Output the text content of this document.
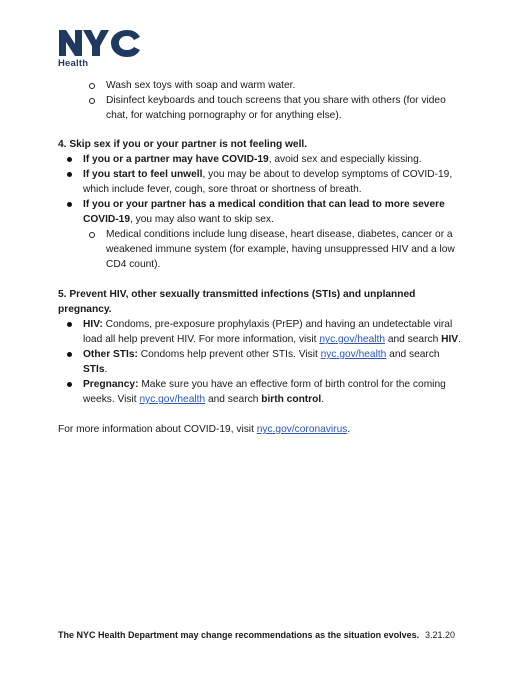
Health
Wash sex toys with soap and warm water.
Disinfect keyboards and touch screens that you share with others (for video chat, for watching pornography or for anything else).
4. Skip sex if you or your partner is not feeling well.
If you or a partner may have COVID-19, avoid sex and especially kissing.
If you start to feel unwell, you may be about to develop symptoms of COVID-19, which include fever, cough, sore throat or shortness of breath.
If you or your partner has a medical condition that can lead to more severe COVID-19, you may also want to skip sex.
Medical conditions include lung disease, heart disease, diabetes, cancer or a weakened immune system (for example, having unsuppressed HIV and a low CD4 count).
5. Prevent HIV, other sexually transmitted infections (STIs) and unplanned pregnancy.
HIV: Condoms, pre-exposure prophylaxis (PrEP) and having an undetectable viral load all help prevent HIV. For more information, visit nyc.gov/health and search HIV.
Other STIs: Condoms help prevent other STIs. Visit nyc.gov/health and search STIs.
Pregnancy: Make sure you have an effective form of birth control for the coming weeks. Visit nyc.gov/health and search birth control.

For more information about COVID-19, visit nyc.gov/coronavirus.

The NYC Health Department may change recommendations as the situation evolves. 3.21.20
